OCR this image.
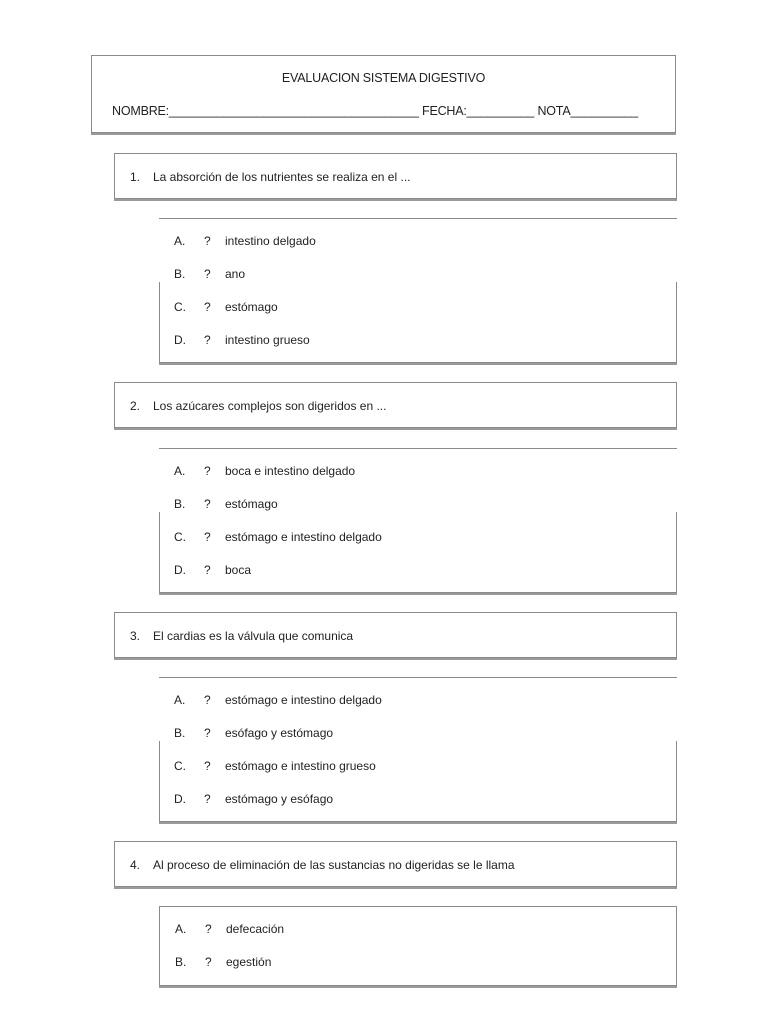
EVALUACION SISTEMA DIGESTIVO
NOMBRE:_____________________________________ FECHA:__________ NOTA__________
1. La absorción de los nutrientes se realiza en el ...
A. ? intestino delgado
B. ? ano
C. ? estómago
D. ? intestino grueso
2. Los azúcares complejos son digeridos en ...
A. ? boca e intestino delgado
B. ? estómago
C. ? estómago e intestino delgado
D. ? boca
3. El cardias es la válvula que comunica
A. ? estómago e intestino delgado
B. ? esófago y estómago
C. ? estómago e intestino grueso
D. ? estómago y esófago
4. Al proceso de eliminación de las sustancias no digeridas se le llama
A. ? defecación
B. ? egestión
